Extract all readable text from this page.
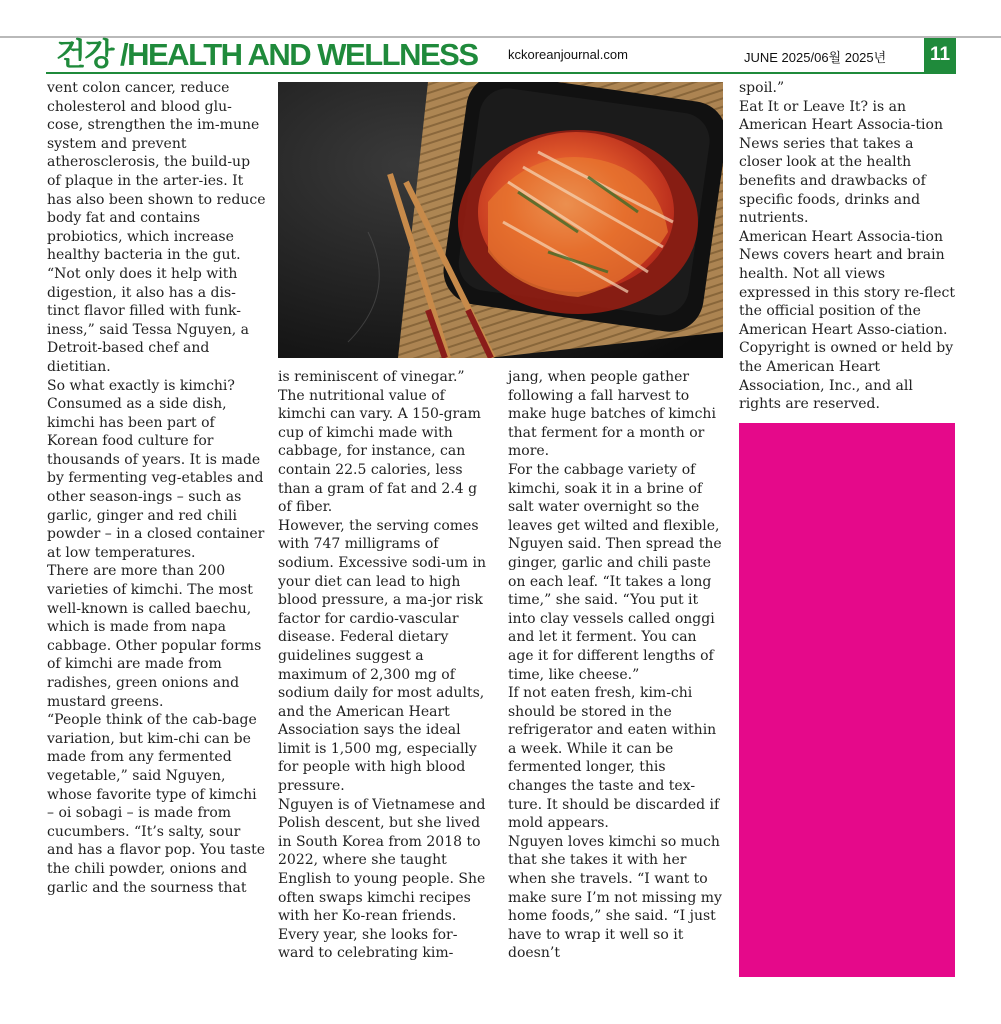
건강 /HEALTH AND WELLNESS kckoreanjournal.com	JUNE 2025/06월 2025년	11

vent colon cancer, reduce cholesterol and blood glu-cose, strengthen the im-mune system and prevent atherosclerosis, the build-up of plaque in the arter-ies. It has also been shown to reduce body fat and contains probiotics, which increase healthy bacteria in the gut.

“Not only does it help with digestion, it also has a dis-tinct flavor filled with funk-iness,” said Tessa Nguyen, a Detroit-based chef and dietitian.

So what exactly is kimchi? Consumed as a side dish, kimchi has been part of Korean food culture for thousands of years. It is made by fermenting veg-etables and other season-ings – such as garlic, ginger and red chili powder – in a closed container at low temperatures.

There are more than 200 varieties of kimchi. The most well-known is called baechu, which is made from napa cabbage. Other popular forms of kimchi are made from radishes, green onions and mustard greens.

“People think of the cab-bage variation, but kim-chi can be made from any fermented vegetable,” said Nguyen, whose favorite type of kimchi – oi sobagi – is made from cucumbers. “It’s salty, sour and has a flavor pop. You taste the chili powder, onions and garlic and the sourness that

is reminiscent of vinegar.” The nutritional value of kimchi can vary. A 150-gram cup of kimchi made with cabbage, for instance, can contain 22.5 calories, less than a gram of fat and 2.4 g of fiber.

However, the serving comes with 747 milligrams of sodium. Excessive sodi-um in your diet can lead to high blood pressure, a ma-jor risk factor for cardio-vascular disease. Federal dietary guidelines suggest a maximum of 2,300 mg of sodium daily for most adults, and the American Heart Association says the ideal limit is 1,500 mg, especially for people with high blood pressure.

Nguyen is of Vietnamese and Polish descent, but she lived in South Korea from 2018 to 2022, where she taught English to young people. She often swaps kimchi recipes with her Ko-rean friends.

Every year, she looks for-ward to celebrating kim-

jang, when people gather following a fall harvest to make huge batches of kimchi that ferment for a month or more.

For the cabbage variety of kimchi, soak it in a brine of salt water overnight so the leaves get wilted and flexible, Nguyen said. Then spread the ginger, garlic and chili paste on each leaf. “It takes a long time,” she said. “You put it into clay vessels called onggi and let it ferment. You can age it for different lengths of time, like cheese.”

If not eaten fresh, kim-chi should be stored in the refrigerator and eaten within a week. While it can be fermented longer, this changes the taste and tex-ture. It should be discarded if mold appears.

Nguyen loves kimchi so much that she takes it with her when she travels. “I want to make sure I’m not missing my home foods,” she said. “I just have to wrap it well so it doesn’t

spoil.”

Eat It or Leave It? is an American Heart Associa-tion News series that takes a closer look at the health benefits and drawbacks of specific foods, drinks and nutrients.

American Heart Associa-tion News covers heart and brain health. Not all views expressed in this story re-flect the official position of the American Heart Asso-ciation. Copyright is owned or held by the American Heart Association, Inc., and all rights are reserved.
